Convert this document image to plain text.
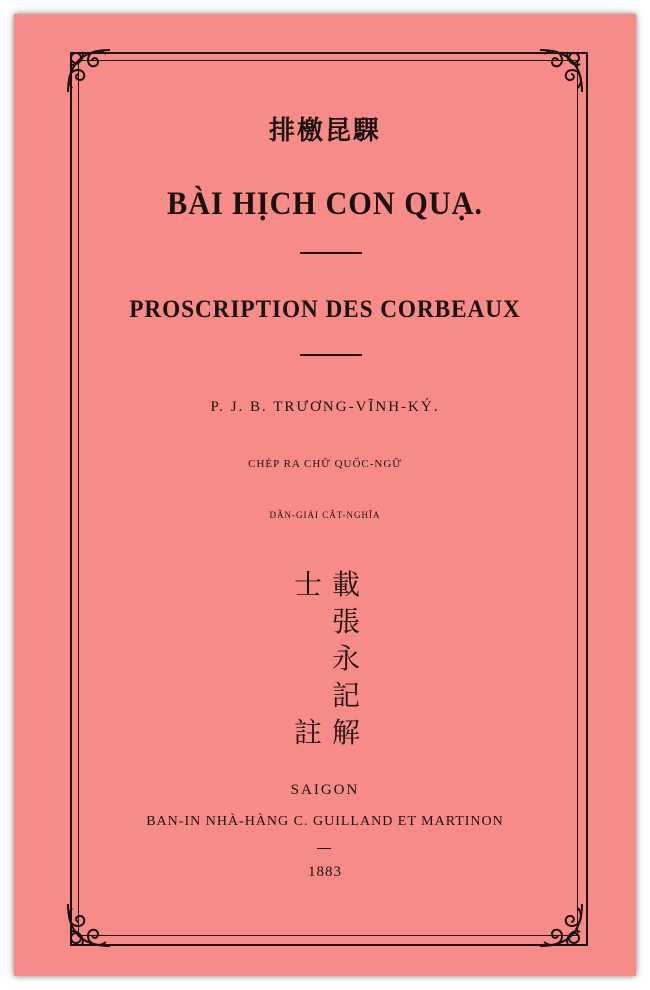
排檄昆騍
BÀI HỊCH CON QUẠ.
PROSCRIPTION DES CORBEAUX
P. J. B. TRƯƠNG-VĨNH-KÝ.
CHÉP RA CHỮ QUỐC-NGỮ
DẪN-GIẢI CẮT-NGHĨA
載
張
永
記
解
士
註
SAIGON
BAN-IN NHÀ-HÀNG C. GUILLAND ET MARTINON
1883
